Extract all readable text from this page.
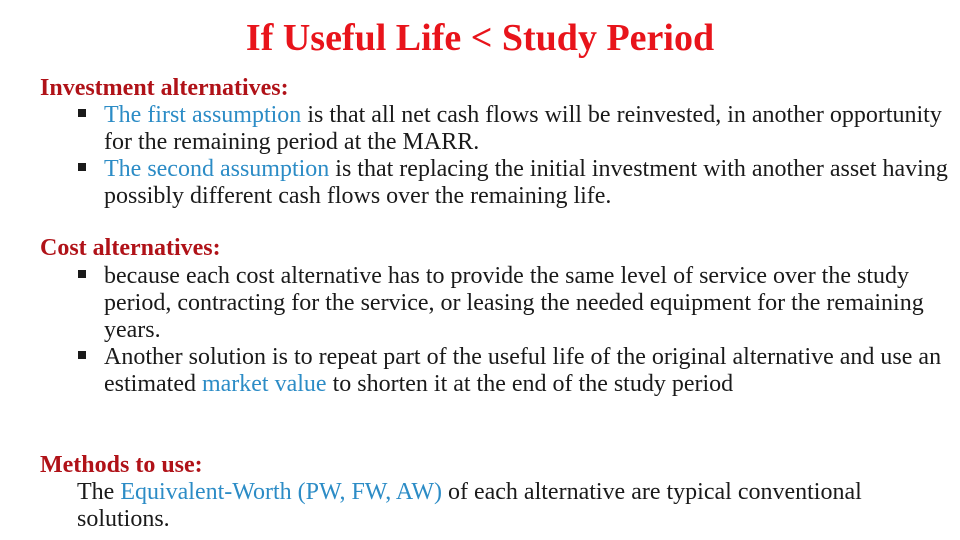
If Useful Life < Study Period
Investment alternatives:
The first assumption is that all net cash flows will be reinvested, in another opportunity for the remaining period at the MARR.
The second assumption is that replacing the initial investment with another asset having possibly different cash flows over the remaining life.
Cost alternatives:
because each cost alternative has to provide the same level of service over the study period, contracting for the service, or leasing the needed equipment for the remaining years.
Another solution is to repeat part of the useful life of the original alternative and use an estimated market value to shorten it at the end of the study period
Methods to use:
The Equivalent-Worth (PW, FW, AW) of each alternative are typical conventional solutions.
